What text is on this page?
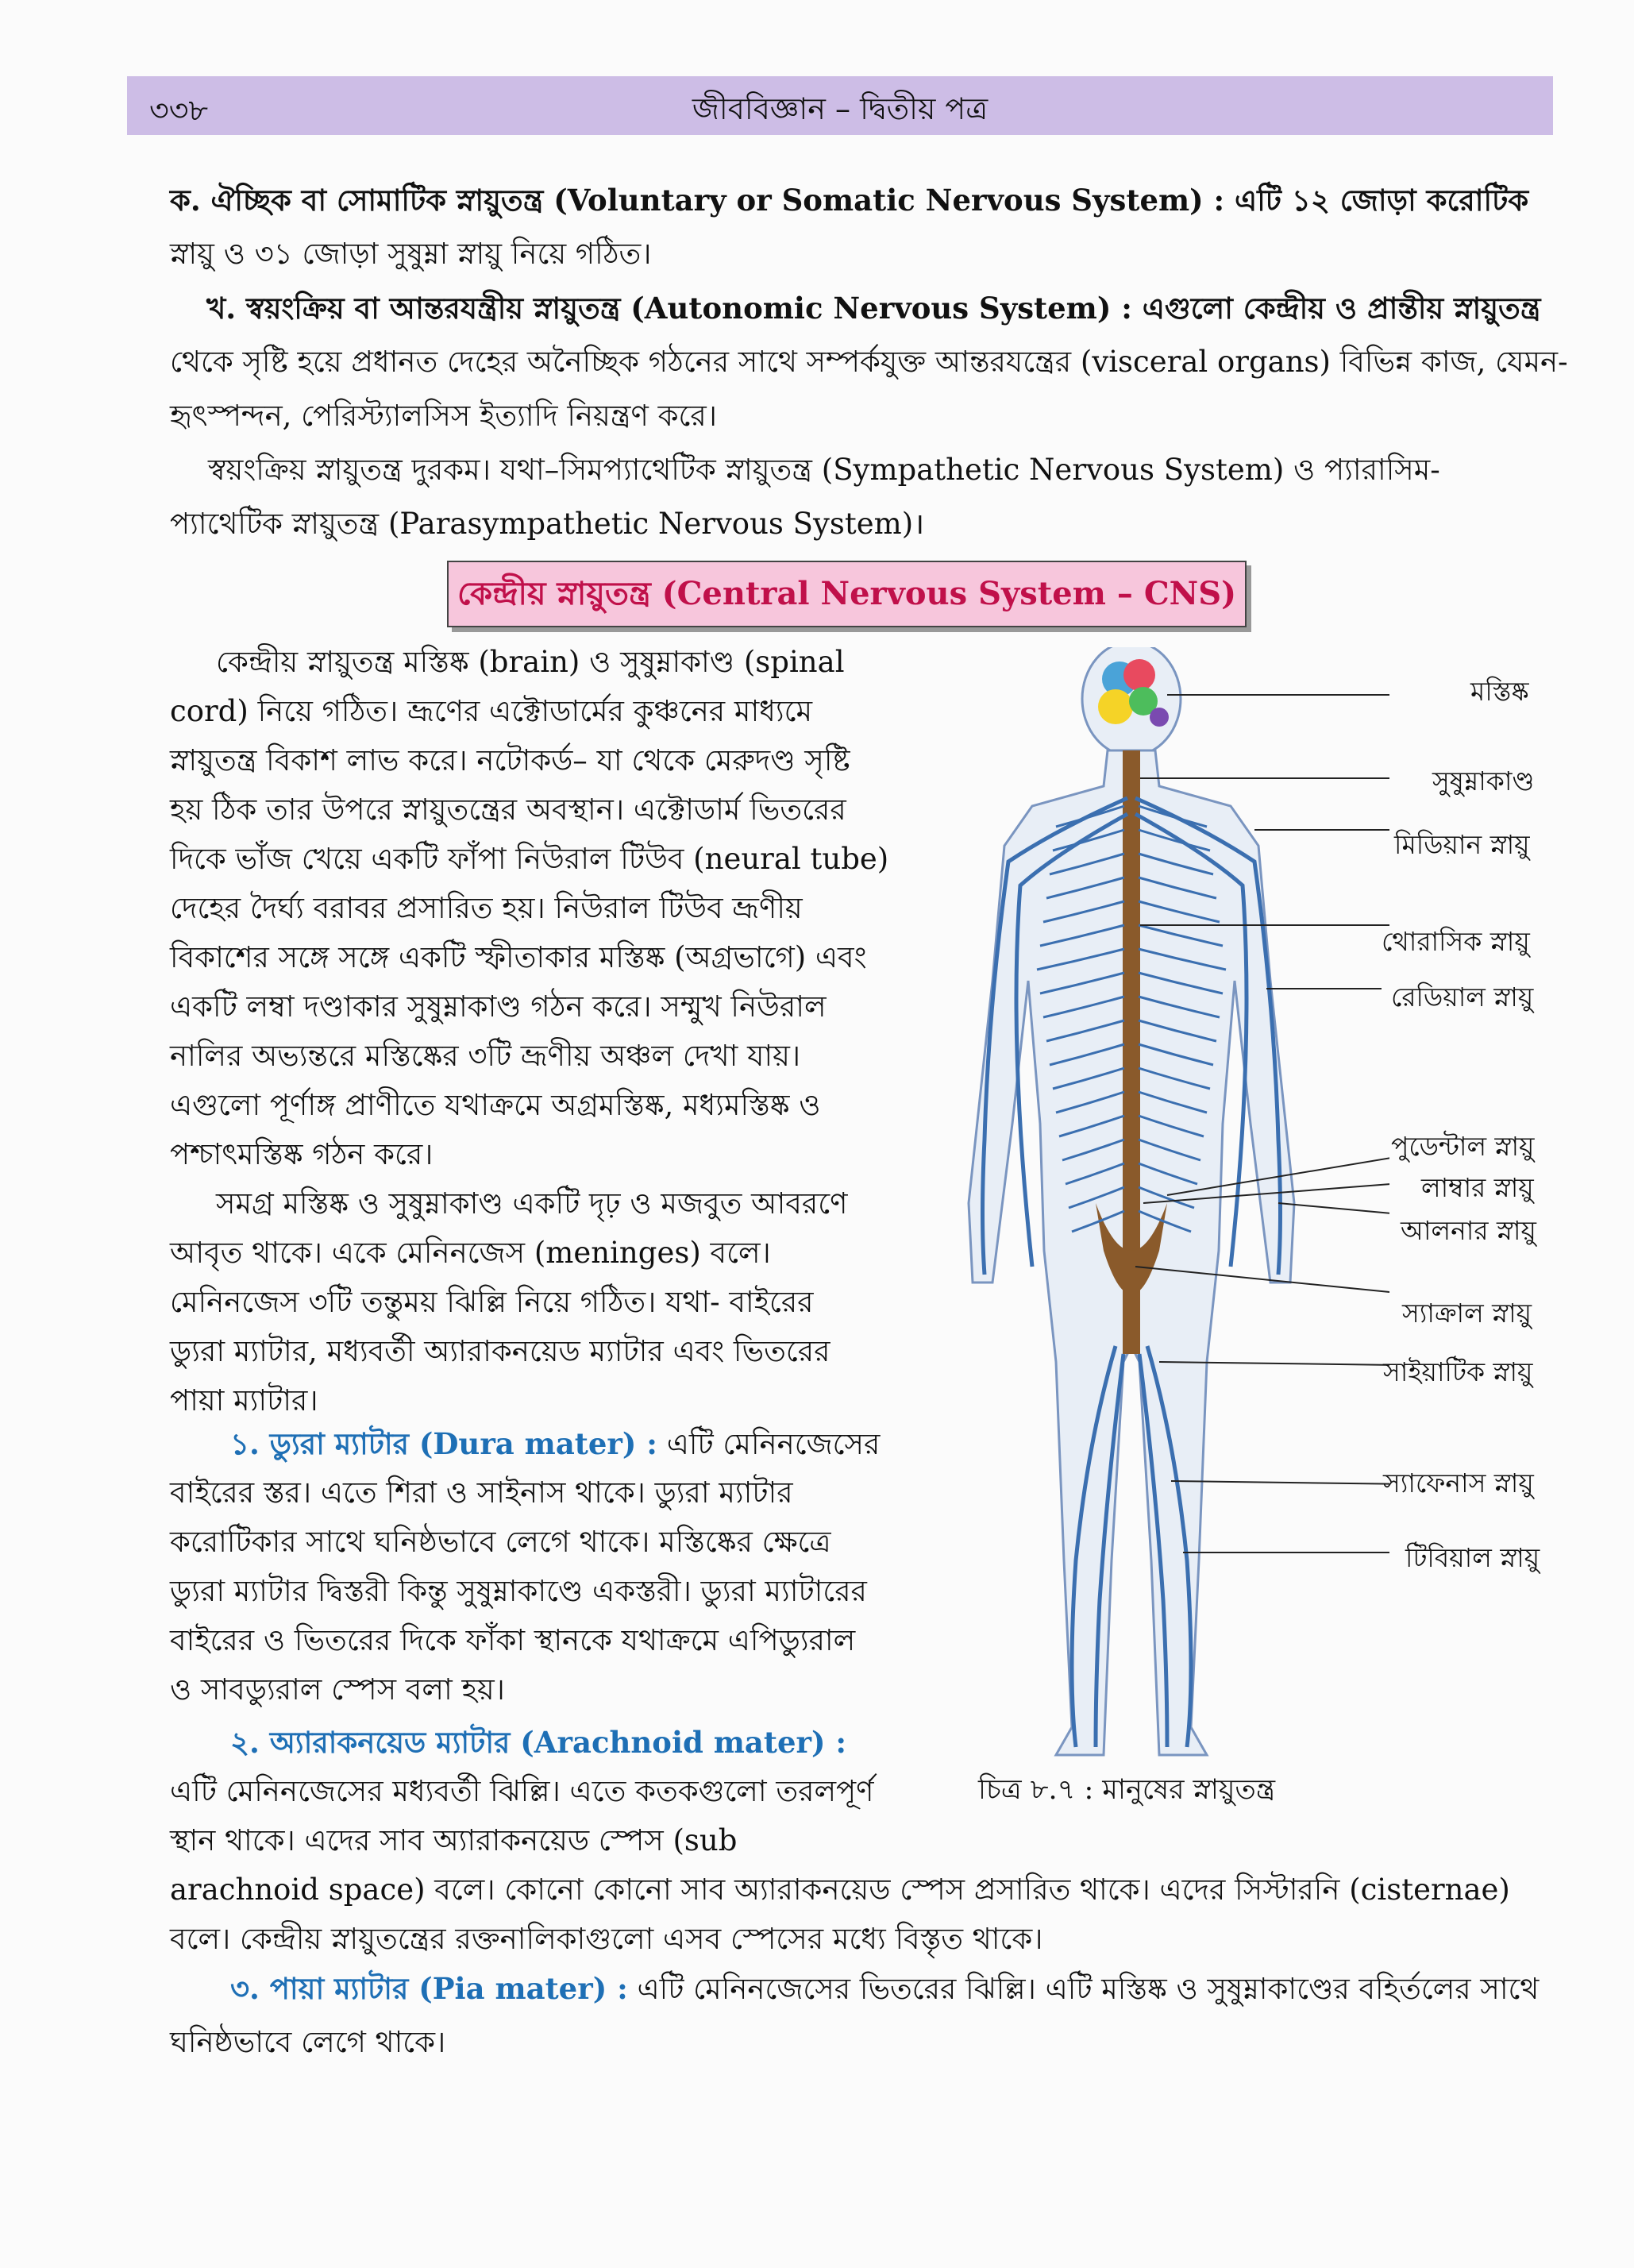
৩৩৮	জীববিজ্ঞান – দ্বিতীয় পত্র
ক. ঐচ্ছিক বা সোমাটিক স্নায়ুতন্ত্র (Voluntary or Somatic Nervous System) : এটি ১২ জোড়া করোটিক
স্নায়ু ও ৩১ জোড়া সুষুম্না স্নায়ু নিয়ে গঠিত।
খ. স্বয়ংক্রিয় বা আন্তরযন্ত্রীয় স্নায়ুতন্ত্র (Autonomic Nervous System) : এগুলো কেন্দ্রীয় ও প্রান্তীয় স্নায়ুতন্ত্র
থেকে সৃষ্টি হয়ে প্রধানত দেহের অনৈচ্ছিক গঠনের সাথে সম্পর্কযুক্ত আন্তরযন্ত্রের (visceral organs) বিভিন্ন কাজ, যেমন-
হৃৎস্পন্দন, পেরিস্ট্যালসিস ইত্যাদি নিয়ন্ত্রণ করে।
স্বয়ংক্রিয় স্নায়ুতন্ত্র দুরকম। যথা–সিমপ্যাথেটিক স্নায়ুতন্ত্র (Sympathetic Nervous System) ও প্যারাসিম-
প্যাথেটিক স্নায়ুতন্ত্র (Parasympathetic Nervous System)।
কেন্দ্রীয় স্নায়ুতন্ত্র (Central Nervous System – CNS)
কেন্দ্রীয় স্নায়ুতন্ত্র মস্তিষ্ক (brain) ও সুষুম্নাকাণ্ড (spinal
cord) নিয়ে গঠিত। ভ্রূণের এক্টোডার্মের কুঞ্চনের মাধ্যমে
স্নায়ুতন্ত্র বিকাশ লাভ করে। নটোকর্ড– যা থেকে মেরুদণ্ড সৃষ্টি
হয় ঠিক তার উপরে স্নায়ুতন্ত্রের অবস্থান। এক্টোডার্ম ভিতরের
দিকে ভাঁজ খেয়ে একটি ফাঁপা নিউরাল টিউব (neural tube)
দেহের দৈর্ঘ্য বরাবর প্রসারিত হয়। নিউরাল টিউব ভ্রূণীয়
বিকাশের সঙ্গে সঙ্গে একটি স্ফীতাকার মস্তিষ্ক (অগ্রভাগে) এবং
একটি লম্বা দণ্ডাকার সুষুম্নাকাণ্ড গঠন করে। সম্মুখ নিউরাল
নালির অভ্যন্তরে মস্তিষ্কের ৩টি ভ্রূণীয় অঞ্চল দেখা যায়।
এগুলো পূর্ণাঙ্গ প্রাণীতে যথাক্রমে অগ্রমস্তিষ্ক, মধ্যমস্তিষ্ক ও
পশ্চাৎমস্তিষ্ক গঠন করে।
সমগ্র মস্তিষ্ক ও সুষুম্নাকাণ্ড একটি দৃঢ় ও মজবুত আবরণে
আবৃত থাকে। একে মেনিনজেস (meninges) বলে।
মেনিনজেস ৩টি তন্তুময় ঝিল্লি নিয়ে গঠিত। যথা- বাইরের
ড্যুরা ম্যাটার, মধ্যবর্তী অ্যারাকনয়েড ম্যাটার এবং ভিতরের
পায়া ম্যাটার।
১. ড্যুরা ম্যাটার (Dura mater) : এটি মেনিনজেসের
বাইরের স্তর। এতে শিরা ও সাইনাস থাকে। ড্যুরা ম্যাটার
করোটিকার সাথে ঘনিষ্ঠভাবে লেগে থাকে। মস্তিষ্কের ক্ষেত্রে
ড্যুরা ম্যাটার দ্বিস্তরী কিন্তু সুষুম্নাকাণ্ডে একস্তরী। ড্যুরা ম্যাটারের
বাইরের ও ভিতরের দিকে ফাঁকা স্থানকে যথাক্রমে এপিড্যুরাল
ও সাবড্যুরাল স্পেস বলা হয়।
২. অ্যারাকনয়েড ম্যাটার (Arachnoid mater) :
এটি মেনিনজেসের মধ্যবর্তী ঝিল্লি। এতে কতকগুলো তরলপূর্ণ
স্থান থাকে। এদের সাব অ্যারাকনয়েড স্পেস (sub
arachnoid space) বলে। কোনো কোনো সাব অ্যারাকনয়েড স্পেস প্রসারিত থাকে। এদের সিস্টারনি (cisternae)
বলে। কেন্দ্রীয় স্নায়ুতন্ত্রের রক্তনালিকাগুলো এসব স্পেসের মধ্যে বিস্তৃত থাকে।
৩. পায়া ম্যাটার (Pia mater) : এটি মেনিনজেসের ভিতরের ঝিল্লি। এটি মস্তিষ্ক ও সুষুম্নাকাণ্ডের বহির্তলের সাথে
ঘনিষ্ঠভাবে লেগে থাকে।
মস্তিষ্ক
সুষুম্নাকাণ্ড
মিডিয়ান স্নায়ু
থোরাসিক স্নায়ু
রেডিয়াল স্নায়ু
পুডেন্টাল স্নায়ু
লাম্বার স্নায়ু
আলনার স্নায়ু
স্যাক্রাল স্নায়ু
সাইয়াটিক স্নায়ু
স্যাফেনাস স্নায়ু
টিবিয়াল স্নায়ু
চিত্র ৮.৭ : মানুষের স্নায়ুতন্ত্র
